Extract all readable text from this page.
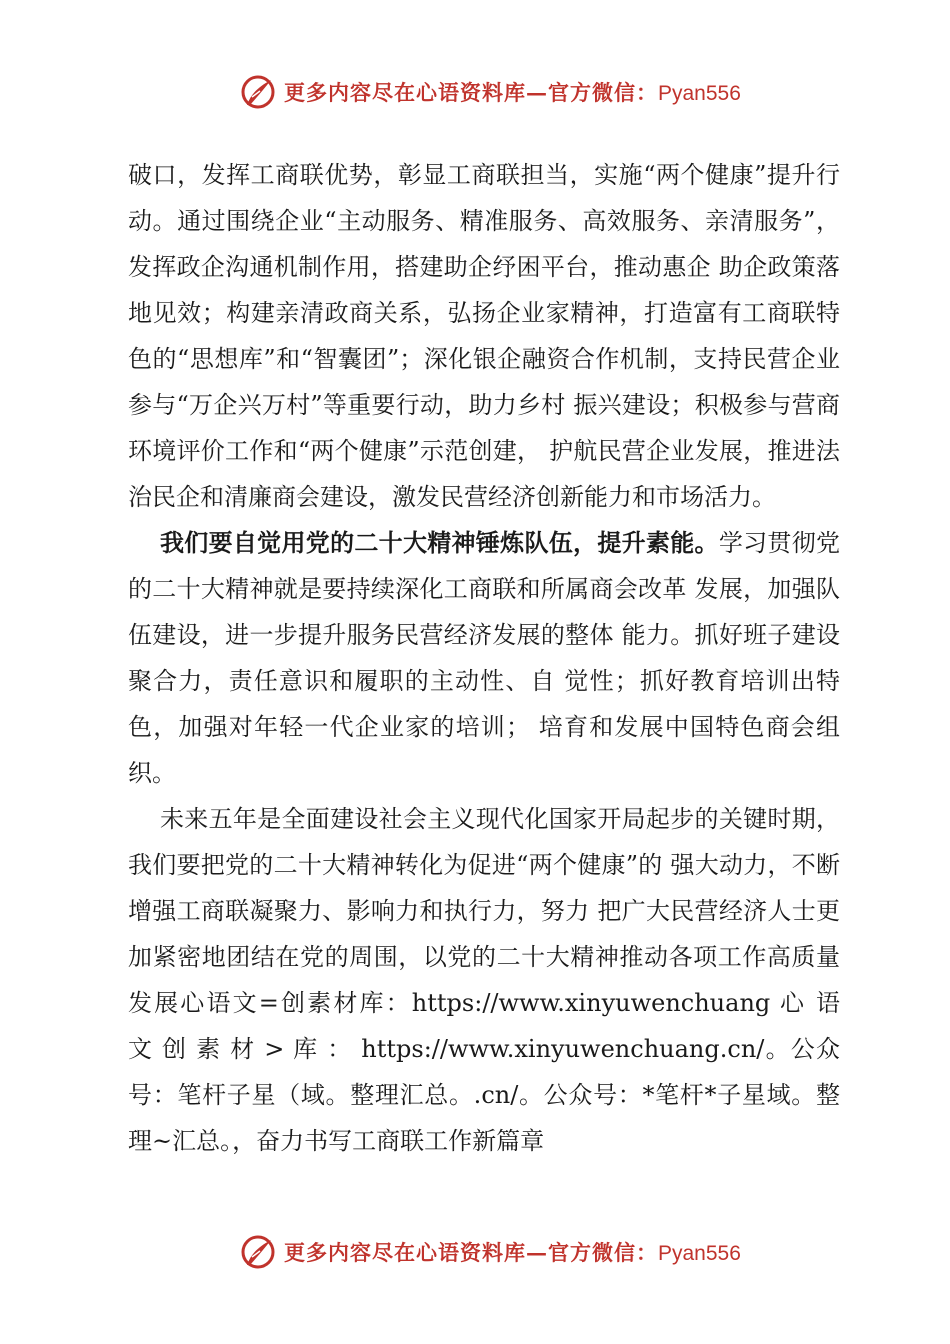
更多内容尽在心语资料库—官方微信：Pyan556

破口，发挥工商联优势，彰显工商联担当，实施“两个健康”提升行动。通过围绕企业“主动服务、精准服务、高效服务、亲清服务”，发挥政企沟通机制作用，搭建助企纾困平台，推动惠企 助企政策落地见效；构建亲清政商关系，弘扬企业家精神，打造富有工商联特色的“思想库”和“智囊团”；深化银企融资合作机制，支持民营企业参与“万企兴万村”等重要行动，助力乡村 振兴建设；积极参与营商环境评价工作和“两个健康”示范创建， 护航民营企业发展，推进法治民企和清廉商会建设，激发民营经济创新能力和市场活力。

我们要自觉用党的二十大精神锤炼队伍，提升素能。学习贯彻党的二十大精神就是要持续深化工商联和所属商会改革 发展，加强队伍建设，进一步提升服务民营经济发展的整体 能力。抓好班子建设聚合力，责任意识和履职的主动性、自 觉性；抓好教育培训出特色，加强对年轻一代企业家的培训； 培育和发展中国特色商会组织。

未来五年是全面建设社会主义现代化国家开局起步的关键时期，我们要把党的二十大精神转化为促进“两个健康”的 强大动力，不断增强工商联凝聚力、影响力和执行力，努力 把广大民营经济人士更加紧密地团结在党的周围，以党的二十大精神推动各项工作高质量发展心语文=创素材库：https://www.xinyuwenchuang 心 语 文 创 素 材 > 库 ： https://www.xinyuwenchuang.cn/。公众号：笔杆子星（域。整理汇总。.cn/。公众号：*笔杆*子星域。整理~汇总。，奋力书写工商联工作新篇章

更多内容尽在心语资料库—官方微信：Pyan556
